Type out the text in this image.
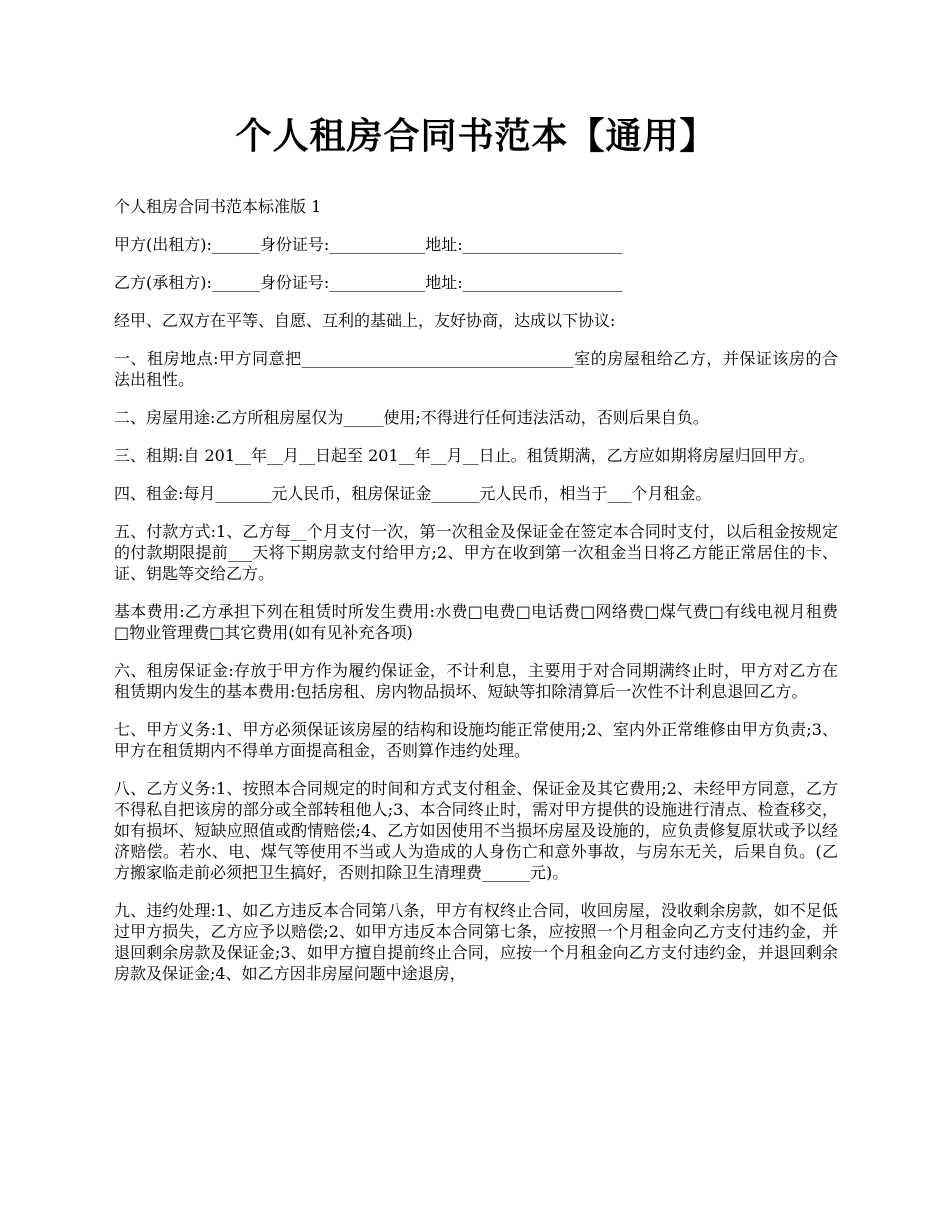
个人租房合同书范本【通用】

个人租房合同书范本标准版 1

甲方(出租方):______身份证号:____________地址:____________________

乙方(承租方):______身份证号:____________地址:____________________

经甲、乙双方在平等、自愿、互利的基础上，友好协商，达成以下协议:

一、租房地点:甲方同意把__________________________________室的房屋租给乙方，并保证该房的合法出租性。

二、房屋用途:乙方所租房屋仅为_____使用;不得进行任何违法活动，否则后果自负。

三、租期:自 201__年__月__日起至 201__年__月__日止。租赁期满，乙方应如期将房屋归回甲方。

四、租金:每月_______元人民币，租房保证金______元人民币，相当于___个月租金。

五、付款方式:1、乙方每__个月支付一次，第一次租金及保证金在签定本合同时支付，以后租金按规定的付款期限提前___天将下期房款支付给甲方;2、甲方在收到第一次租金当日将乙方能正常居住的卡、证、钥匙等交给乙方。

基本费用:乙方承担下列在租赁时所发生费用:水费□电费□电话费□网络费□煤气费□有线电视月租费□物业管理费□其它费用(如有见补充各项)

六、租房保证金:存放于甲方作为履约保证金，不计利息，主要用于对合同期满终止时，甲方对乙方在租赁期内发生的基本费用:包括房租、房内物品损坏、短缺等扣除清算后一次性不计利息退回乙方。

七、甲方义务:1、甲方必须保证该房屋的结构和设施均能正常使用;2、室内外正常维修由甲方负责;3、甲方在租赁期内不得单方面提高租金，否则算作违约处理。

八、乙方义务:1、按照本合同规定的时间和方式支付租金、保证金及其它费用;2、未经甲方同意，乙方不得私自把该房的部分或全部转租他人;3、本合同终止时，需对甲方提供的设施进行清点、检查移交，如有损坏、短缺应照值或酌情赔偿;4、乙方如因使用不当损坏房屋及设施的，应负责修复原状或予以经济赔偿。若水、电、煤气等使用不当或人为造成的人身伤亡和意外事故，与房东无关，后果自负。(乙方搬家临走前必须把卫生搞好，否则扣除卫生清理费______元)。

九、违约处理:1、如乙方违反本合同第八条，甲方有权终止合同，收回房屋，没收剩余房款，如不足低过甲方损失，乙方应予以赔偿;2、如甲方违反本合同第七条，应按照一个月租金向乙方支付违约金，并退回剩余房款及保证金;3、如甲方擅自提前终止合同，应按一个月租金向乙方支付违约金，并退回剩余房款及保证金;4、如乙方因非房屋问题中途退房，
